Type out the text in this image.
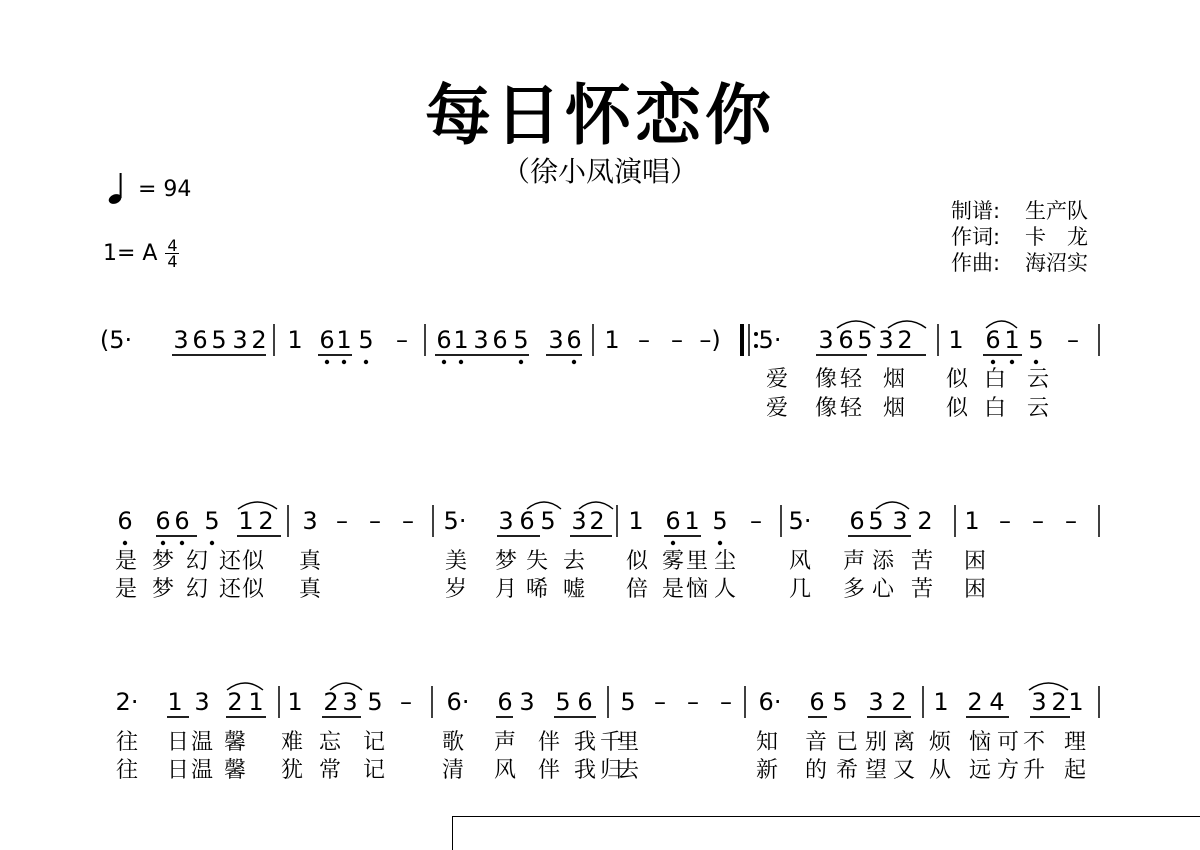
每日怀恋你
（徐小凤演唱）
= 94
1= A 4
4
制谱:	生产队
作词:	卡　龙
作曲:	海沼实
(5· 3 6 5 3 2 1 6 1 5 – 6 1 3 6 5 3 6 1 – – –) 5· 3 6 5 3 2 1 6 1 5 –
6 6 6 5 1 2 3 – – – 5· 3 6 5 3 2 1 6 1 5 – 5· 6 5 3 2 1 – – –
2· 1 3 2 1 1 2 3 5 – 6· 6 3 5 6 5 – – – 6· 6 5 3 2 1 2 4 3 2 1
爱 像 轻 烟 似 白 云
爱 像 轻 烟 似 白 云
是 梦 幻 还 似 真	美 梦 失 去 似 雾 里 尘 风 声 添 苦 困
是 梦 幻 还 似 真	岁 月 唏 嘘 倍 是 恼 人 几 多 心 苦 困
往 日 温 馨 难 忘 记	歌 声 伴 我 千
里	知 音 已 别 离 烦 恼 可 不 理
往 日 温 馨 犹 常 记	清 风 伴 我 归
去	新 的 希 望 又 从 远 方 升 起
